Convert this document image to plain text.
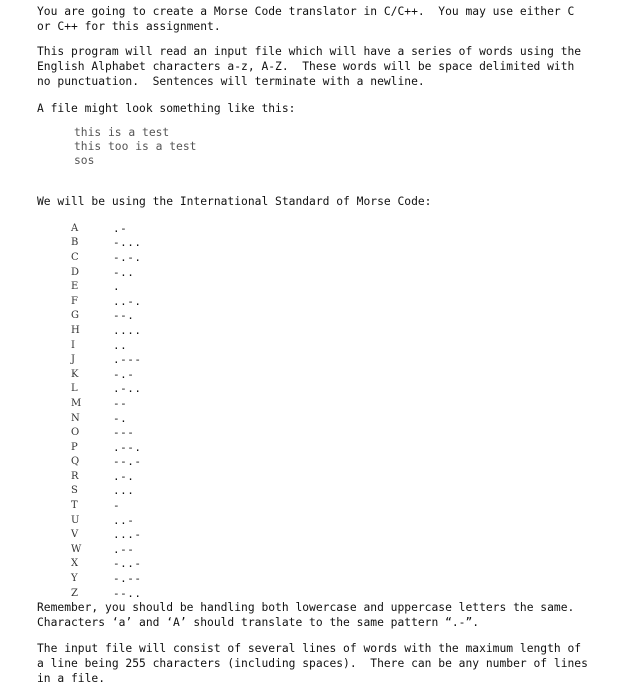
You are going to create a Morse Code translator in C/C++.  You may use either C
or C++ for this assignment.

This program will read an input file which will have a series of words using the
English Alphabet characters a-z, A-Z.  These words will be space delimited with
no punctuation.  Sentences will terminate with a newline.

A file might look something like this:

this is a test

this too is a test

sos

We will be using the International Standard of Morse Code:

A	.-
B	-...
C	-.-.
D	-..
E	.
F	..-.
G	--.
H	....
I	..
J	.---
K	-.-
L	.-..
M	--
N	-.
O	---
P	.--.
Q	--.-
R	.-.
S	...
T	-
U	..-
V	...-
W	.--
X	-..-
Y	-.--
Z	--..

Remember, you should be handling both lowercase and uppercase letters the same.
Characters ‘a’ and ‘A’ should translate to the same pattern “.-”.

The input file will consist of several lines of words with the maximum length of
a line being 255 characters (including spaces).  There can be any number of lines
in a file.
